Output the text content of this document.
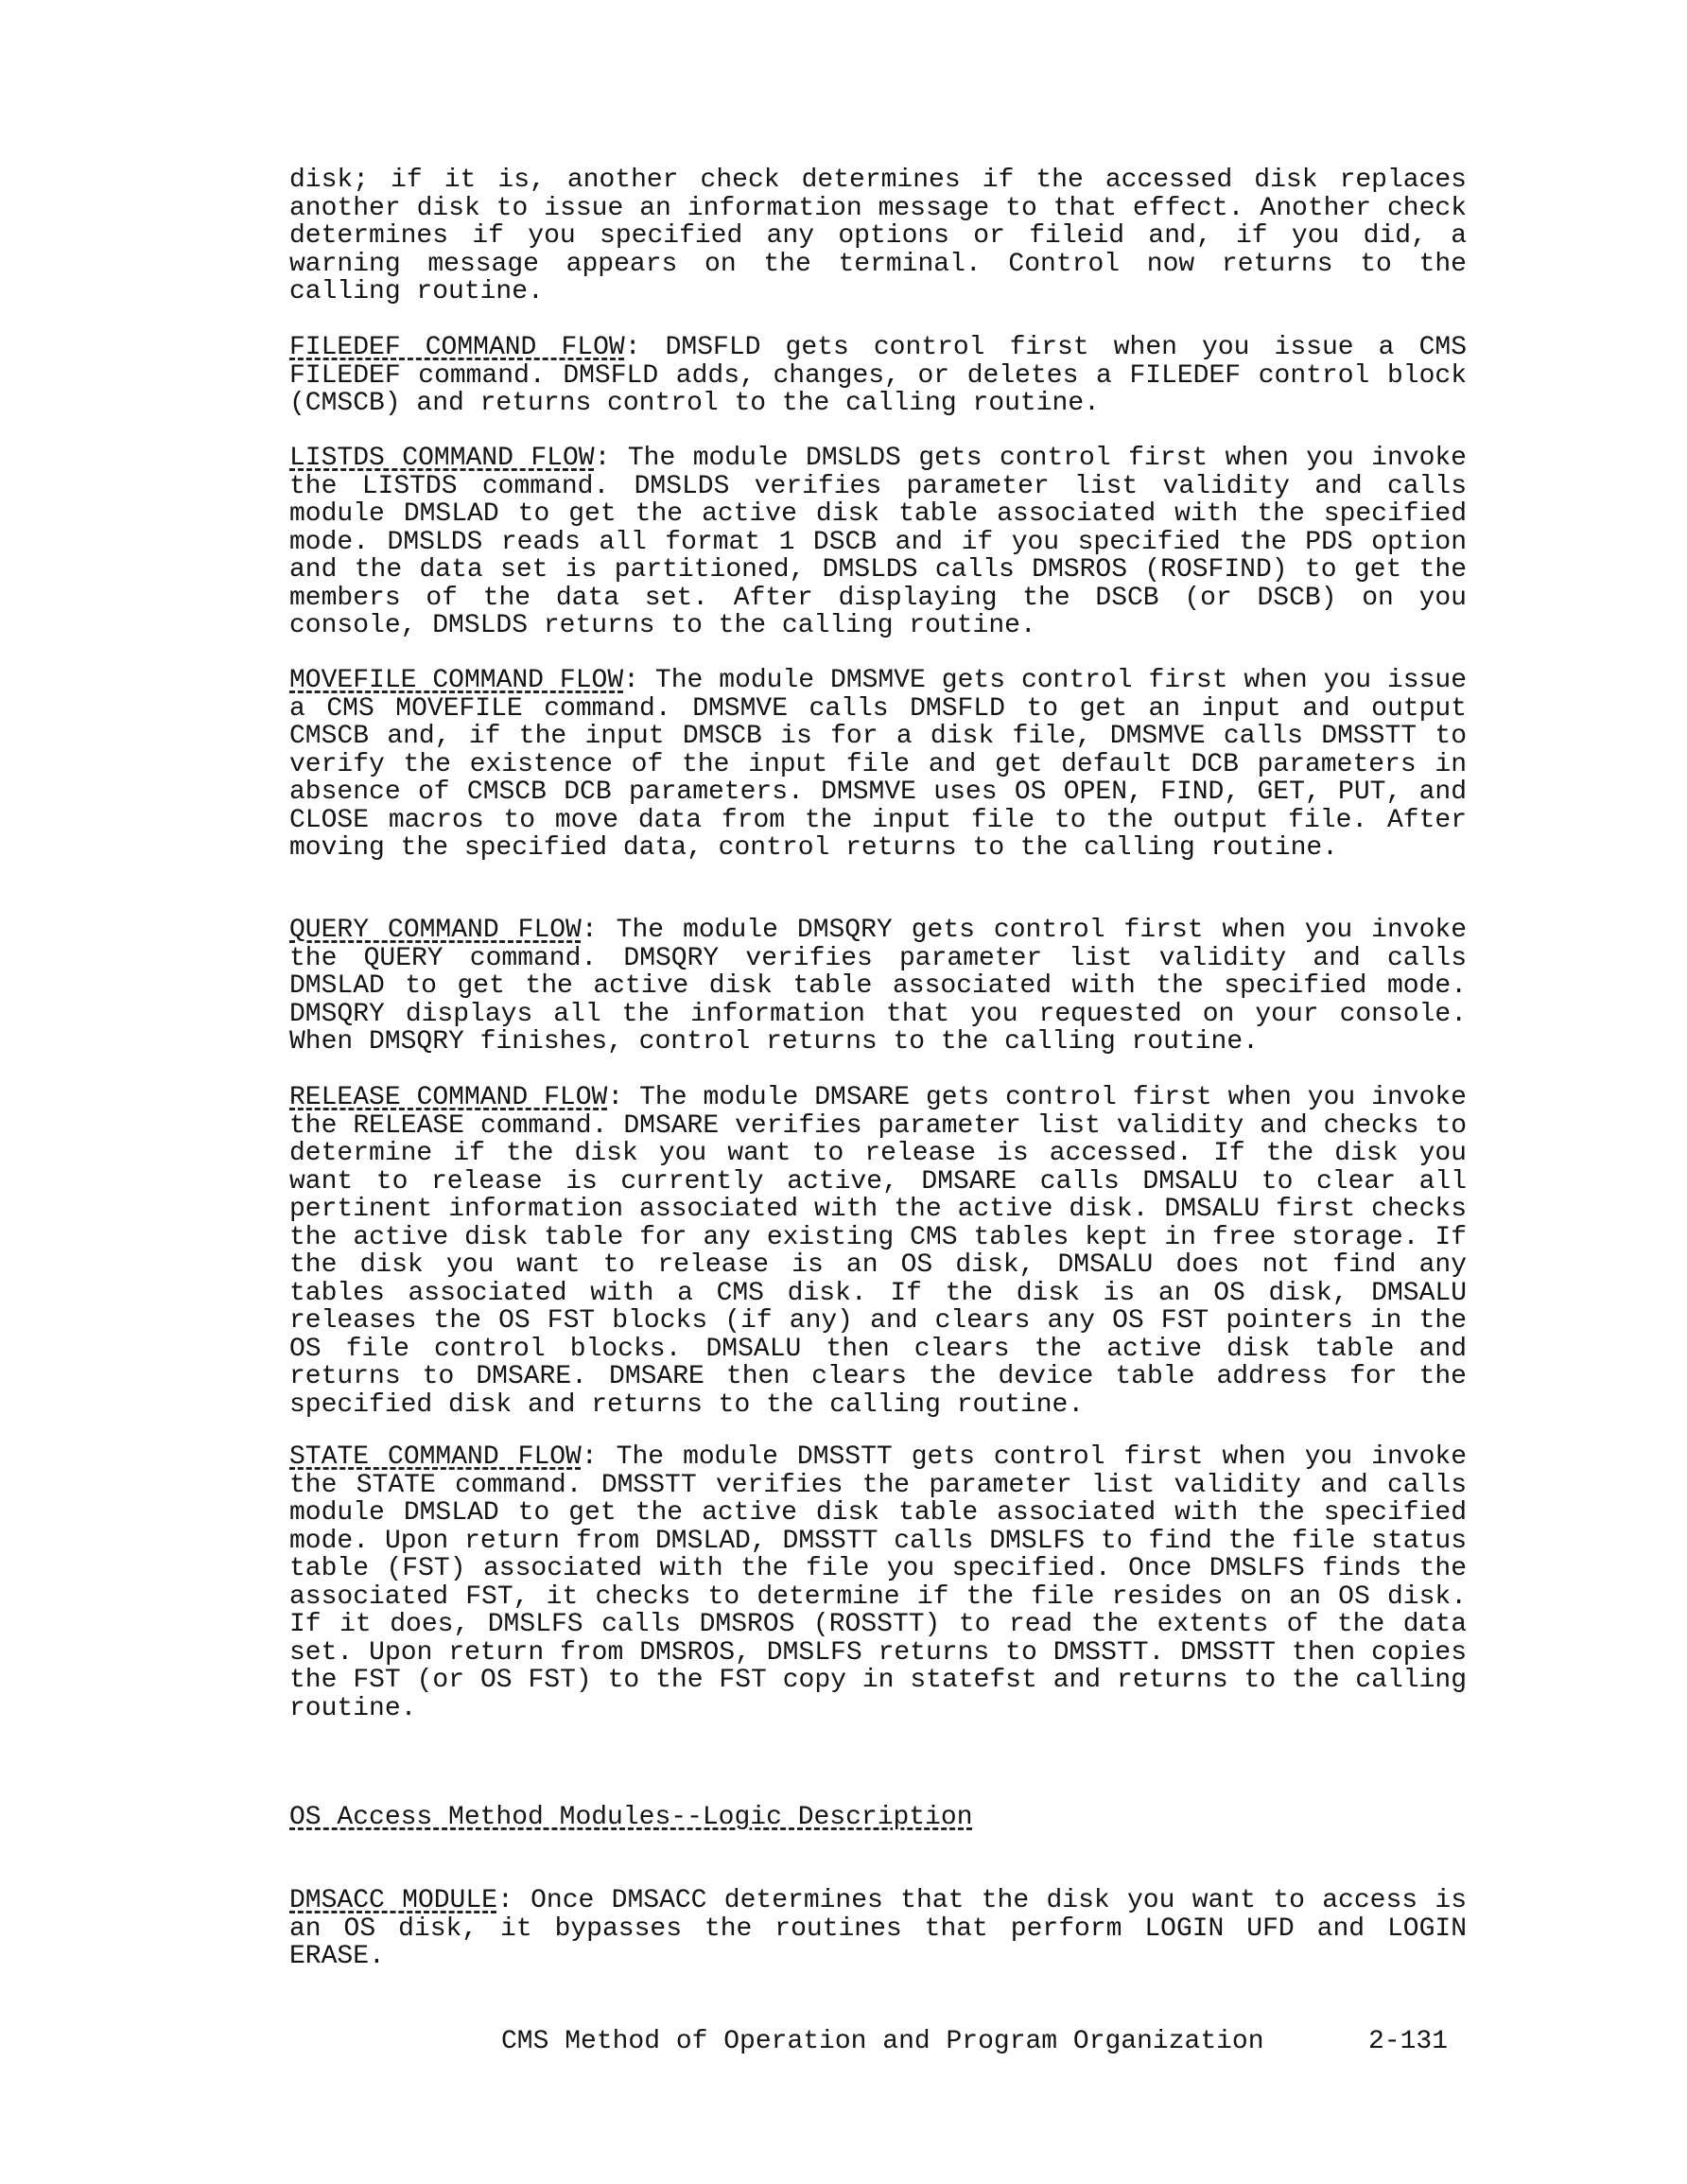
disk; if it is, another check determines if the accessed disk replaces another disk to issue an information message to that effect. Another check determines if you specified any options or fileid and, if you did, a warning message appears on the terminal. Control now returns to the calling routine.

FILEDEF COMMAND FLOW: DMSFLD gets control first when you issue a CMS FILEDEF command. DMSFLD adds, changes, or deletes a FILEDEF control block (CMSCB) and returns control to the calling routine.

LISTDS COMMAND FLOW: The module DMSLDS gets control first when you invoke the LISTDS command. DMSLDS verifies parameter list validity and calls module DMSLAD to get the active disk table associated with the specified mode. DMSLDS reads all format 1 DSCB and if you specified the PDS option and the data set is partitioned, DMSLDS calls DMSROS (ROSFIND) to get the members of the data set. After displaying the DSCB (or DSCB) on you console, DMSLDS returns to the calling routine.

MOVEFILE COMMAND FLOW: The module DMSMVE gets control first when you issue a CMS MOVEFILE command. DMSMVE calls DMSFLD to get an input and output CMSCB and, if the input DMSCB is for a disk file, DMSMVE calls DMSSTT to verify the existence of the input file and get default DCB parameters in absence of CMSCB DCB parameters. DMSMVE uses OS OPEN, FIND, GET, PUT, and CLOSE macros to move data from the input file to the output file. After moving the specified data, control returns to the calling routine.

QUERY COMMAND FLOW: The module DMSQRY gets control first when you invoke the QUERY command. DMSQRY verifies parameter list validity and calls DMSLAD to get the active disk table associated with the specified mode. DMSQRY displays all the information that you requested on your console. When DMSQRY finishes, control returns to the calling routine.

RELEASE COMMAND FLOW: The module DMSARE gets control first when you invoke the RELEASE command. DMSARE verifies parameter list validity and checks to determine if the disk you want to release is accessed. If the disk you want to release is currently active, DMSARE calls DMSALU to clear all pertinent information associated with the active disk. DMSALU first checks the active disk table for any existing CMS tables kept in free storage. If the disk you want to release is an OS disk, DMSALU does not find any tables associated with a CMS disk. If the disk is an OS disk, DMSALU releases the OS FST blocks (if any) and clears any OS FST pointers in the OS file control blocks. DMSALU then clears the active disk table and returns to DMSARE. DMSARE then clears the device table address for the specified disk and returns to the calling routine.

STATE COMMAND FLOW: The module DMSSTT gets control first when you invoke the STATE command. DMSSTT verifies the parameter list validity and calls module DMSLAD to get the active disk table associated with the specified mode. Upon return from DMSLAD, DMSSTT calls DMSLFS to find the file status table (FST) associated with the file you specified. Once DMSLFS finds the associated FST, it checks to determine if the file resides on an OS disk. If it does, DMSLFS calls DMSROS (ROSSTT) to read the extents of the data set. Upon return from DMSROS, DMSLFS returns to DMSSTT. DMSSTT then copies the FST (or OS FST) to the FST copy in statefst and returns to the calling routine.

OS Access Method Modules--Logic Description

DMSACC MODULE: Once DMSACC determines that the disk you want to access is an OS disk, it bypasses the routines that perform LOGIN UFD and LOGIN ERASE.

CMS Method of Operation and Program Organization	2-131
